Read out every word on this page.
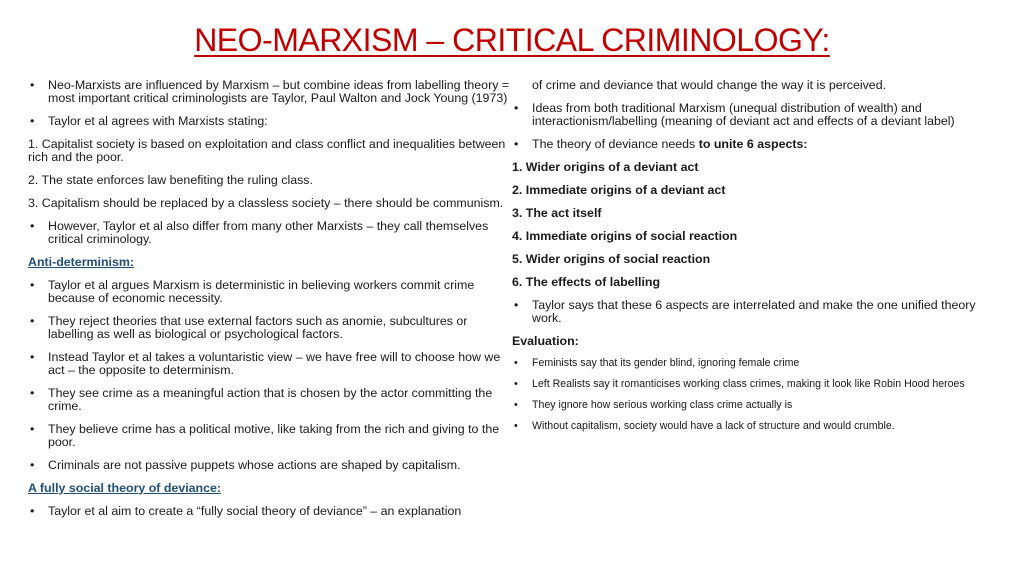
NEO-MARXISM – CRITICAL CRIMINOLOGY:
• Neo-Marxists are influenced by Marxism – but combine ideas from labelling theory = most important critical criminologists are Taylor, Paul Walton and Jock Young (1973)
• Taylor et al agrees with Marxists stating:
1. Capitalist society is based on exploitation and class conflict and inequalities between rich and the poor.
2. The state enforces law benefiting the ruling class.
3. Capitalism should be replaced by a classless society – there should be communism.
• However, Taylor et al also differ from many other Marxists – they call themselves critical criminology.
Anti-determinism:
• Taylor et al argues Marxism is deterministic in believing workers commit crime because of economic necessity.
• They reject theories that use external factors such as anomie, subcultures or labelling as well as biological or psychological factors.
• Instead Taylor et al takes a voluntaristic view – we have free will to choose how we act – the opposite to determinism.
• They see crime as a meaningful action that is chosen by the actor committing the crime.
• They believe crime has a political motive, like taking from the rich and giving to the poor.
• Criminals are not passive puppets whose actions are shaped by capitalism.
A fully social theory of deviance:
• Taylor et al aim to create a “fully social theory of deviance” – an explanation
of crime and deviance that would change the way it is perceived.
• Ideas from both traditional Marxism (unequal distribution of wealth) and interactionism/labelling (meaning of deviant act and effects of a deviant label)
• The theory of deviance needs to unite 6 aspects:
1. Wider origins of a deviant act
2. Immediate origins of a deviant act
3. The act itself
4. Immediate origins of social reaction
5. Wider origins of social reaction
6. The effects of labelling
• Taylor says that these 6 aspects are interrelated and make the one unified theory work.
Evaluation:
• Feminists say that its gender blind, ignoring female crime
• Left Realists say it romanticises working class crimes, making it look like Robin Hood heroes
• They ignore how serious working class crime actually is
• Without capitalism, society would have a lack of structure and would crumble.
